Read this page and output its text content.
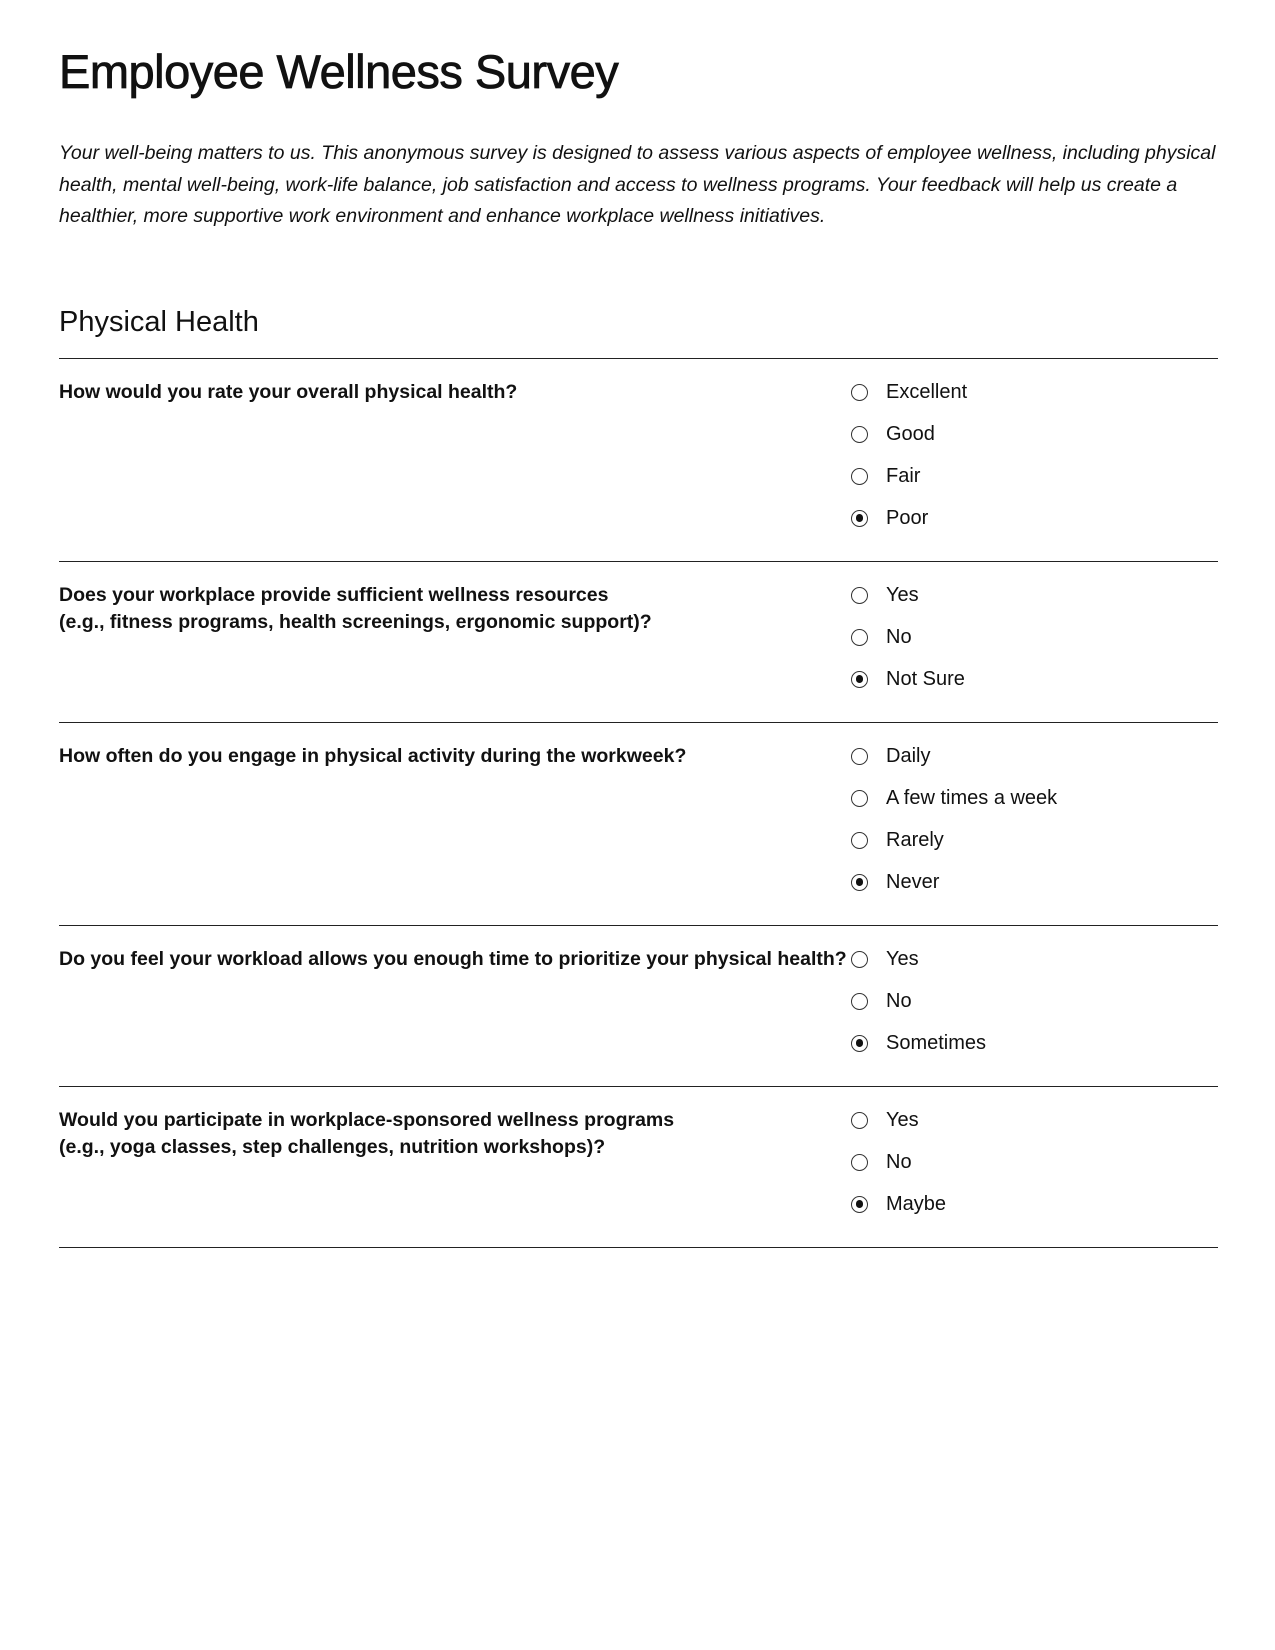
Employee Wellness Survey

Your well-being matters to us. This anonymous survey is designed to assess various aspects of employee wellness, including physical health, mental well-being, work-life balance, job satisfaction and access to wellness programs. Your feedback will help us create a healthier, more supportive work environment and enhance workplace wellness initiatives.

Physical Health

How would you rate your overall physical health?	Excellent
Good
Fair
Poor

Does your workplace provide sufficient wellness resources
(e.g., fitness programs, health screenings, ergonomic support)?

Yes
No
Not Sure

How often do you engage in physical activity during the workweek?	Daily
A few times a week
Rarely
Never

Do you feel your workload allows you enough time to prioritize your physical health? Yes
No
Sometimes

Would you participate in workplace-sponsored wellness programs
(e.g., yoga classes, step challenges, nutrition workshops)?

Yes
No
Maybe
